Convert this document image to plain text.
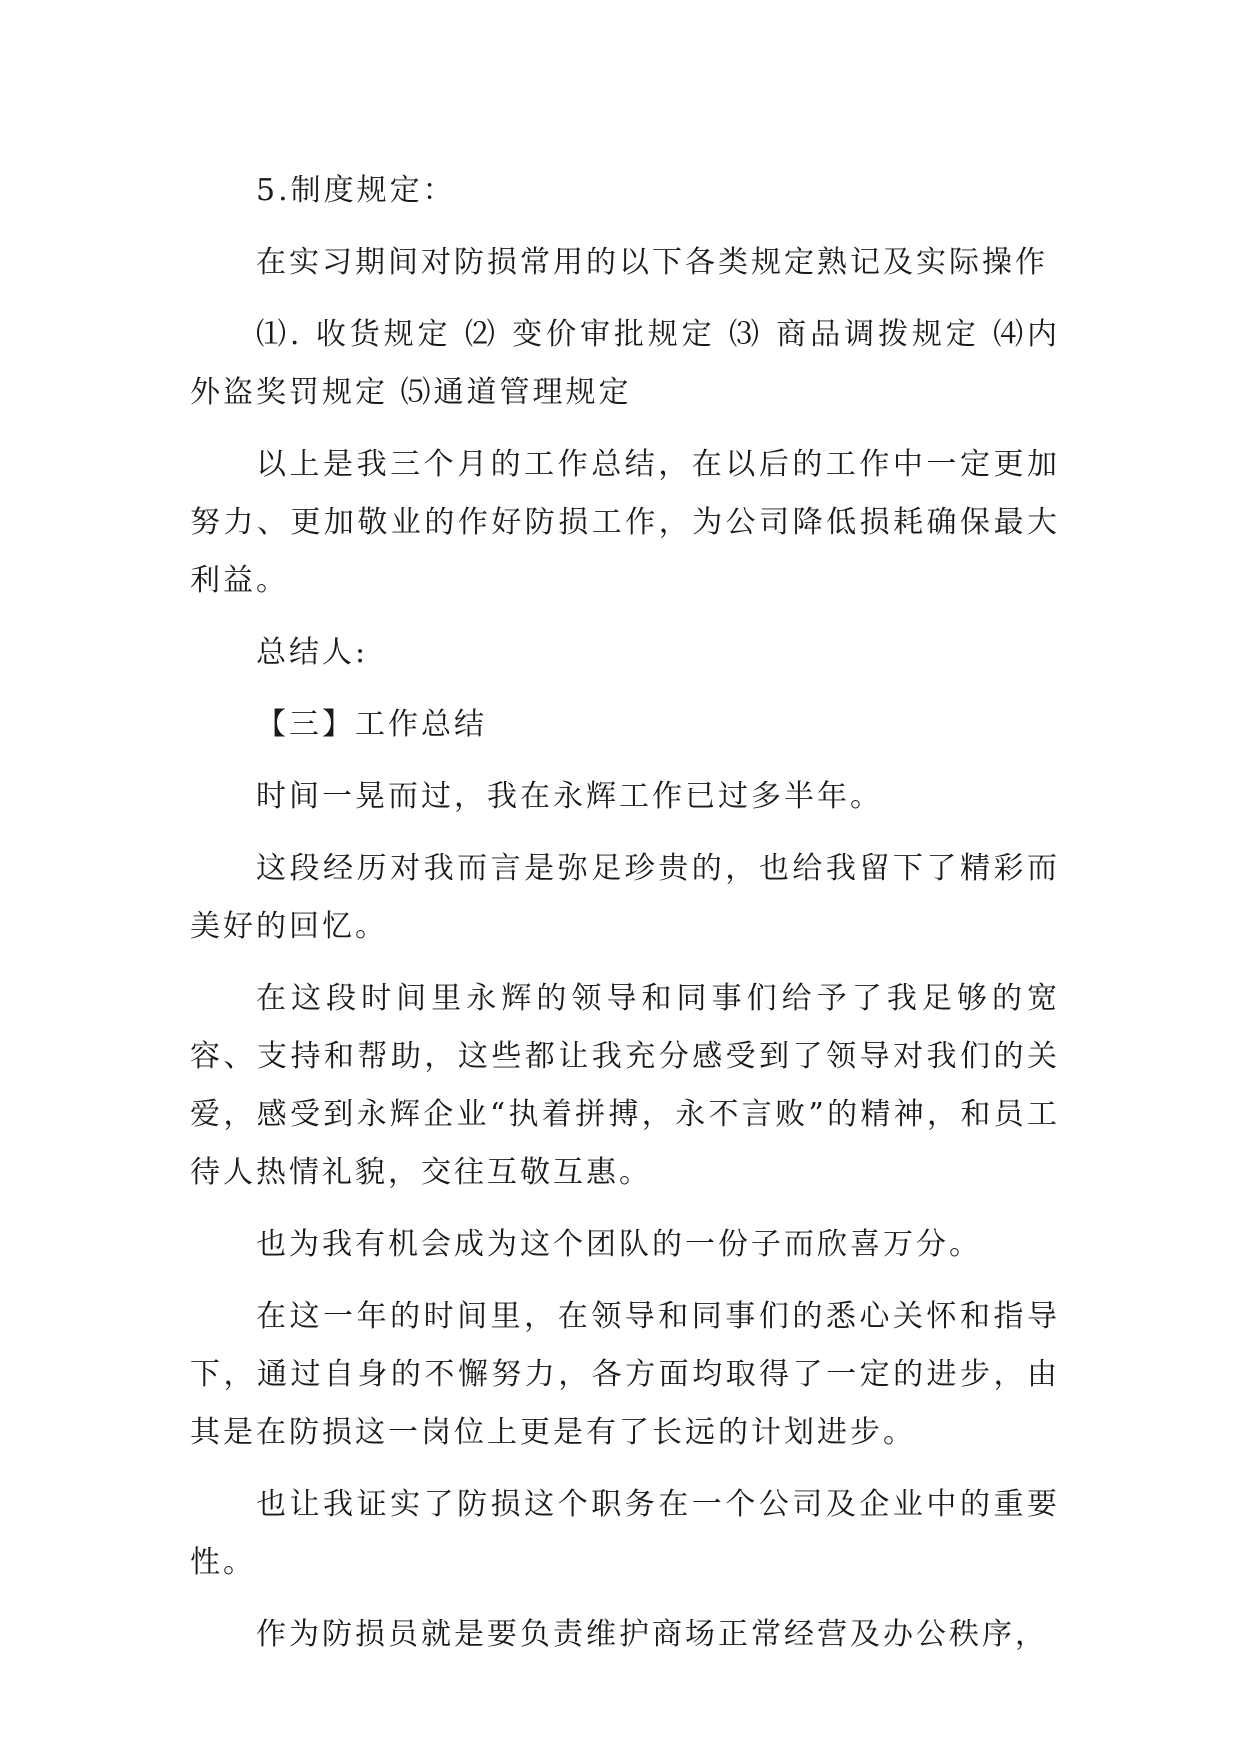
5.制度规定：

在实习期间对防损常用的以下各类规定熟记及实际操作

⑴. 收货规定 ⑵ 变价审批规定 ⑶ 商品调拨规定 ⑷内外盗奖罚规定 ⑸通道管理规定

以上是我三个月的工作总结，在以后的工作中一定更加努力、更加敬业的作好防损工作，为公司降低损耗确保最大利益。

总结人:

【三】工作总结

时间一晃而过，我在永辉工作已过多半年。

这段经历对我而言是弥足珍贵的，也给我留下了精彩而美好的回忆。

在这段时间里永辉的领导和同事们给予了我足够的宽容、支持和帮助，这些都让我充分感受到了领导对我们的关爱，感受到永辉企业“执着拼搏，永不言败”的精神，和员工待人热情礼貌，交往互敬互惠。

也为我有机会成为这个团队的一份子而欣喜万分。

在这一年的时间里，在领导和同事们的悉心关怀和指导下，通过自身的不懈努力，各方面均取得了一定的进步，由其是在防损这一岗位上更是有了长远的计划进步。

也让我证实了防损这个职务在一个公司及企业中的重要性。

作为防损员就是要负责维护商场正常经营及办公秩序，
